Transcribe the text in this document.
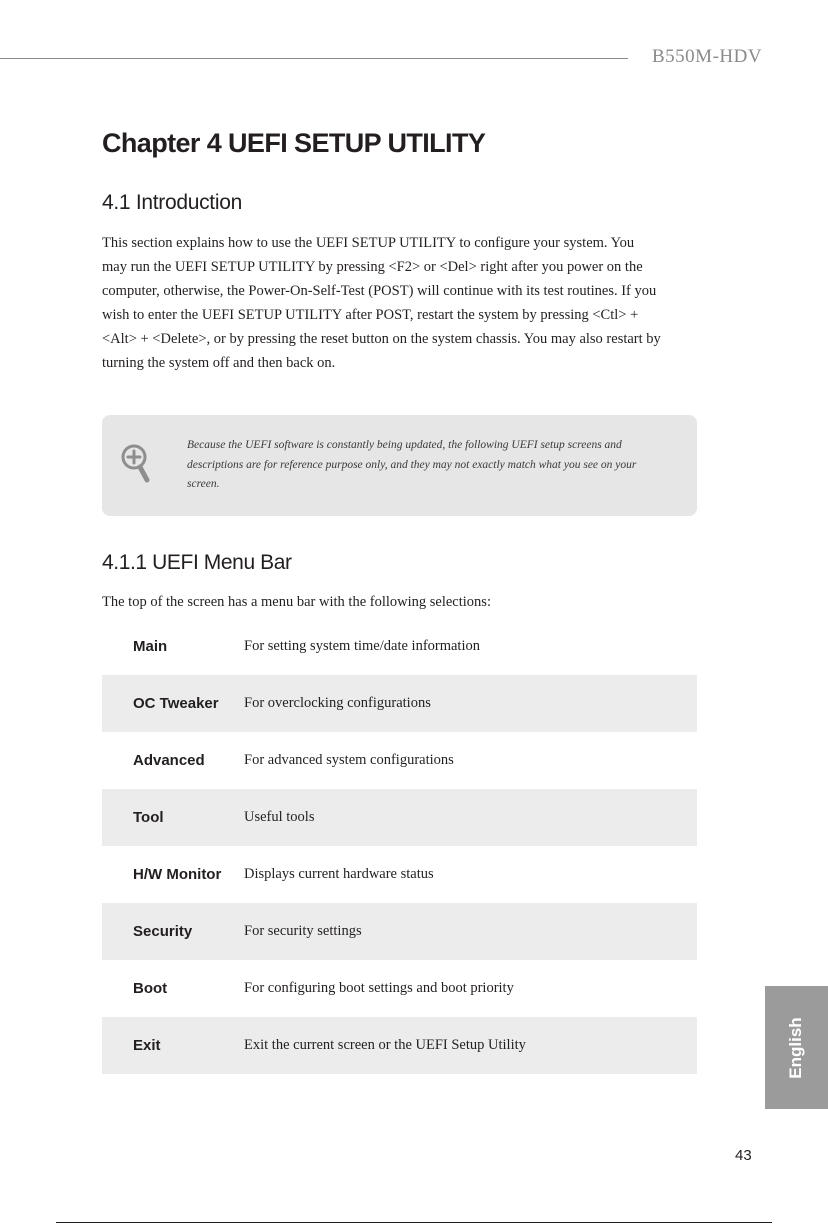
B550M-HDV
Chapter 4 UEFI SETUP UTILITY
4.1 Introduction

This section explains how to use the UEFI SETUP UTILITY to configure your system. You may run the UEFI SETUP UTILITY by pressing <F2> or <Del> right after you power on the computer, otherwise, the Power-On-Self-Test (POST) will continue with its test routines. If you wish to enter the UEFI SETUP UTILITY after POST, restart the system by pressing <Ctl> + <Alt> + <Delete>, or by pressing the reset button on the system chassis. You may also restart by turning the system off and then back on.

Because the UEFI software is constantly being updated, the following UEFI setup screens and descriptions are for reference purpose only, and they may not exactly match what you see on your screen.

4.1.1 UEFI Menu Bar

The top of the screen has a menu bar with the following selections:

Main	For setting system time/date information
OC Tweaker	For overclocking configurations
Advanced	For advanced system configurations
Tool	Useful tools
H/W Monitor	Displays current hardware status
Security	For security settings
Boot	For configuring boot settings and boot priority
Exit	Exit the current screen or the UEFI Setup Utility	English
43
